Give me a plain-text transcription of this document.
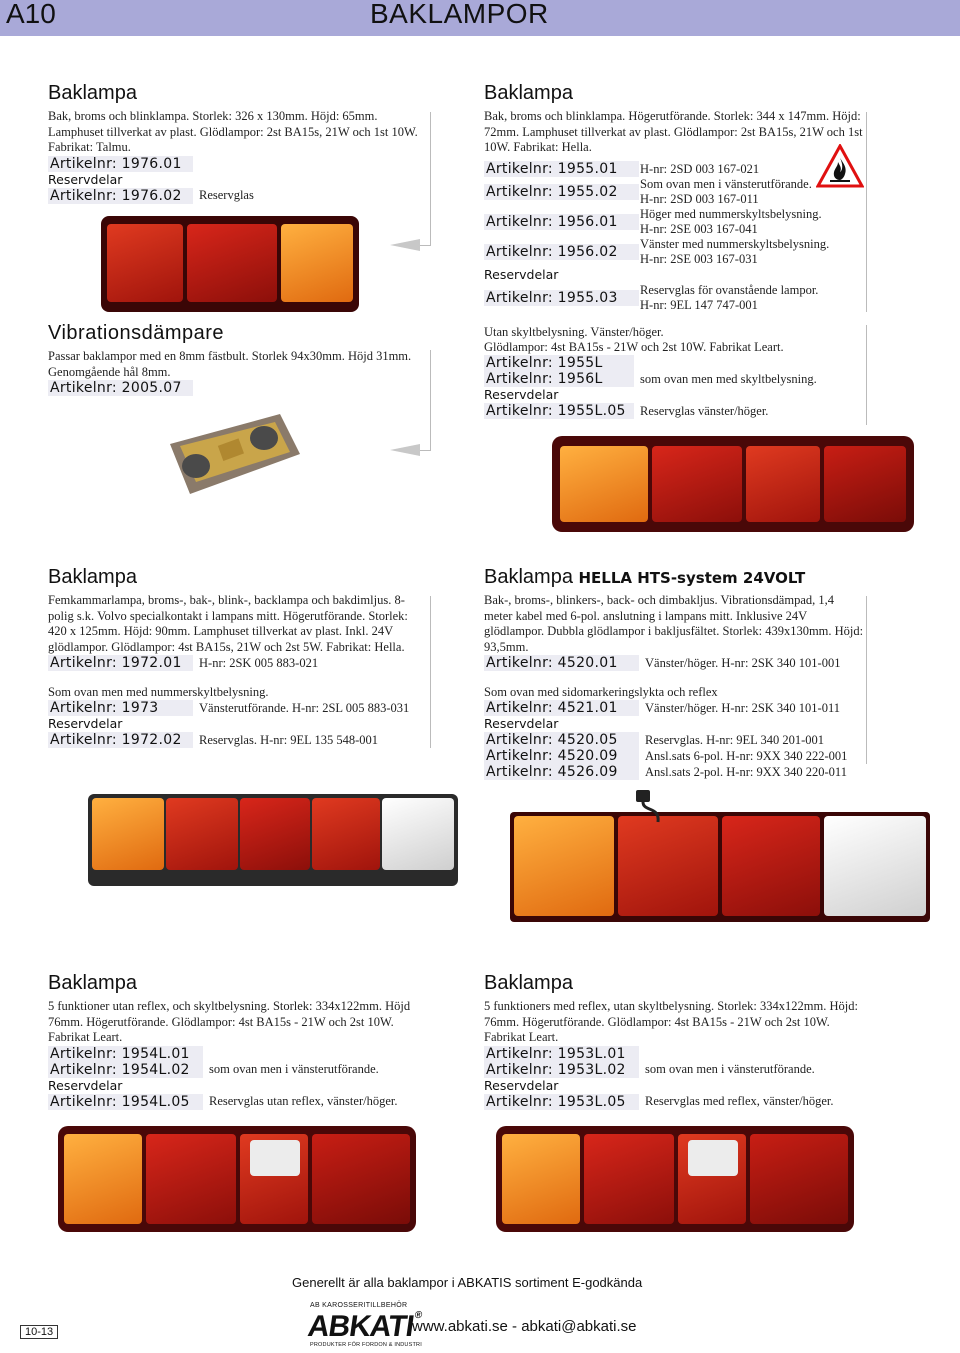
A10	BAKLAMPOR
Baklampa
Bak, broms och blinklampa. Storlek: 326 x 130mm. Höjd: 65mm. Lamphuset tillverkat av plast. Glödlampor: 2st BA15s, 21W och 1st 10W. Fabrikat: Talmu.
Artikelnr: 1976.01
Reservdelar
Artikelnr: 1976.02	Reservglas
Baklampa
Bak, broms och blinklampa. Högerutförande. Storlek: 344 x 147mm. Höjd: 72mm. Lamphuset tillverkat av plast. Glödlampor: 2st BA15s, 21W och 1st 10W. Fabrikat: Hella.
Artikelnr: 1955.01	H-nr: 2SD 003 167-021
Artikelnr: 1955.02	Som ovan men i vänsterutförande.
H-nr: 2SD 003 167-011
Artikelnr: 1956.01	Höger med nummerskyltsbelysning.
H-nr: 2SE 003 167-041
Artikelnr: 1956.02	Vänster med nummerskyltsbelysning.
H-nr: 2SE 003 167-031
Reservdelar
Artikelnr: 1955.03	Reservglas för ovanstående lampor.
H-nr: 9EL 147 747-001
Utan skyltbelysning. Vänster/höger.
Glödlampor: 4st BA15s - 21W och 2st 10W. Fabrikat Leart.
Artikelnr: 1955L
Artikelnr: 1956L	som ovan men med skyltbelysning.
Reservdelar
Artikelnr: 1955L.05	Reservglas vänster/höger.
Vibrationsdämpare
Passar baklampor med en 8mm fästbult. Storlek 94x30mm. Höjd 31mm. Genomgående hål 8mm.
Artikelnr: 2005.07
Baklampa
Femkammarlampa, broms-, bak-, blink-, backlampa och bakdimljus. 8-polig s.k. Volvo specialkontakt i lampans mitt. Högerutförande. Storlek: 420 x 125mm. Höjd: 90mm. Lamphuset tillverkat av plast. Inkl. 24V glödlampor. Glödlampor: 4st BA15s, 21W och 2st 5W. Fabrikat: Hella.
Artikelnr: 1972.01	H-nr: 2SK 005 883-021
Som ovan men med nummerskyltbelysning.
Artikelnr: 1973	Vänsterutförande. H-nr: 2SL 005 883-031
Reservdelar
Artikelnr: 1972.02	Reservglas. H-nr: 9EL 135 548-001
Baklampa HELLA HTS-system 24VOLT
Bak-, broms-, blinkers-, back- och dimbakljus. Vibrationsdämpad, 1,4 meter kabel med 6-pol. anslutning i lampans mitt. Inklusive 24V glödlampor. Dubbla glödlampor i bakljusfältet. Storlek: 439x130mm. Höjd: 93,5mm.
Artikelnr: 4520.01	Vänster/höger. H-nr: 2SK 340 101-001
Som ovan med sidomarkeringslykta och reflex
Artikelnr: 4521.01	Vänster/höger. H-nr: 2SK 340 101-011
Reservdelar
Artikelnr: 4520.05	Reservglas. H-nr: 9EL 340 201-001
Artikelnr: 4520.09	Ansl.sats 6-pol. H-nr: 9XX 340 222-001
Artikelnr: 4526.09	Ansl.sats 2-pol. H-nr: 9XX 340 220-011
Baklampa
5 funktioner utan reflex, och skyltbelysning. Storlek: 334x122mm. Höjd 76mm. Högerutförande. Glödlampor: 4st BA15s - 21W och 2st 10W. Fabrikat Leart.
Artikelnr: 1954L.01
Artikelnr: 1954L.02	som ovan men i vänsterutförande.
Reservdelar
Artikelnr: 1954L.05	Reservglas utan reflex, vänster/höger.
Baklampa
5 funktioners med reflex, utan skyltbelysning. Storlek: 334x122mm. Höjd: 76mm. Högerutförande. Glödlampor: 4st BA15s - 21W och 2st 10W. Fabrikat Leart.
Artikelnr: 1953L.01
Artikelnr: 1953L.02	som ovan men i vänsterutförande.
Reservdelar
Artikelnr: 1953L.05	Reservglas med reflex, vänster/höger.
Generellt är alla baklampor i ABKATIS sortiment E-godkända
10-13
AB KAROSSERITILLBEHÖR
ABKATI®
PRODUKTER FÖR FORDON & INDUSTRI
www.abkati.se - abkati@abkati.se
